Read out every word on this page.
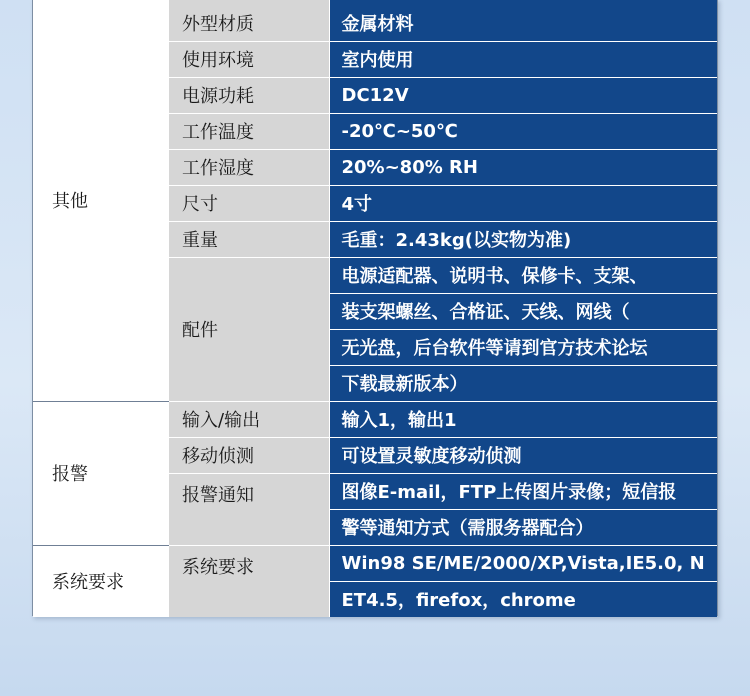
其他	外型材质	金属材料
	使用环境	室内使用
	电源功耗	DC12V
	工作温度	-20℃~50℃
	工作湿度	20%~80% RH
	尺寸	4寸
	重量	毛重：2.43kg(以实物为准)
	配件	电源适配器、说明书、保修卡、支架、
		装支架螺丝、合格证、天线、网线（
		无光盘，后台软件等请到官方技术论坛
		下载最新版本）
报警	输入/输出	输入1，输出1
	移动侦测	可设置灵敏度移动侦测
	报警通知	图像E-mail，FTP上传图片录像；短信报
		警等通知方式（需服务器配合）
系统要求	系统要求	Win98 SE/ME/2000/XP,Vista,IE5.0, N
		ET4.5，firefox，chrome
